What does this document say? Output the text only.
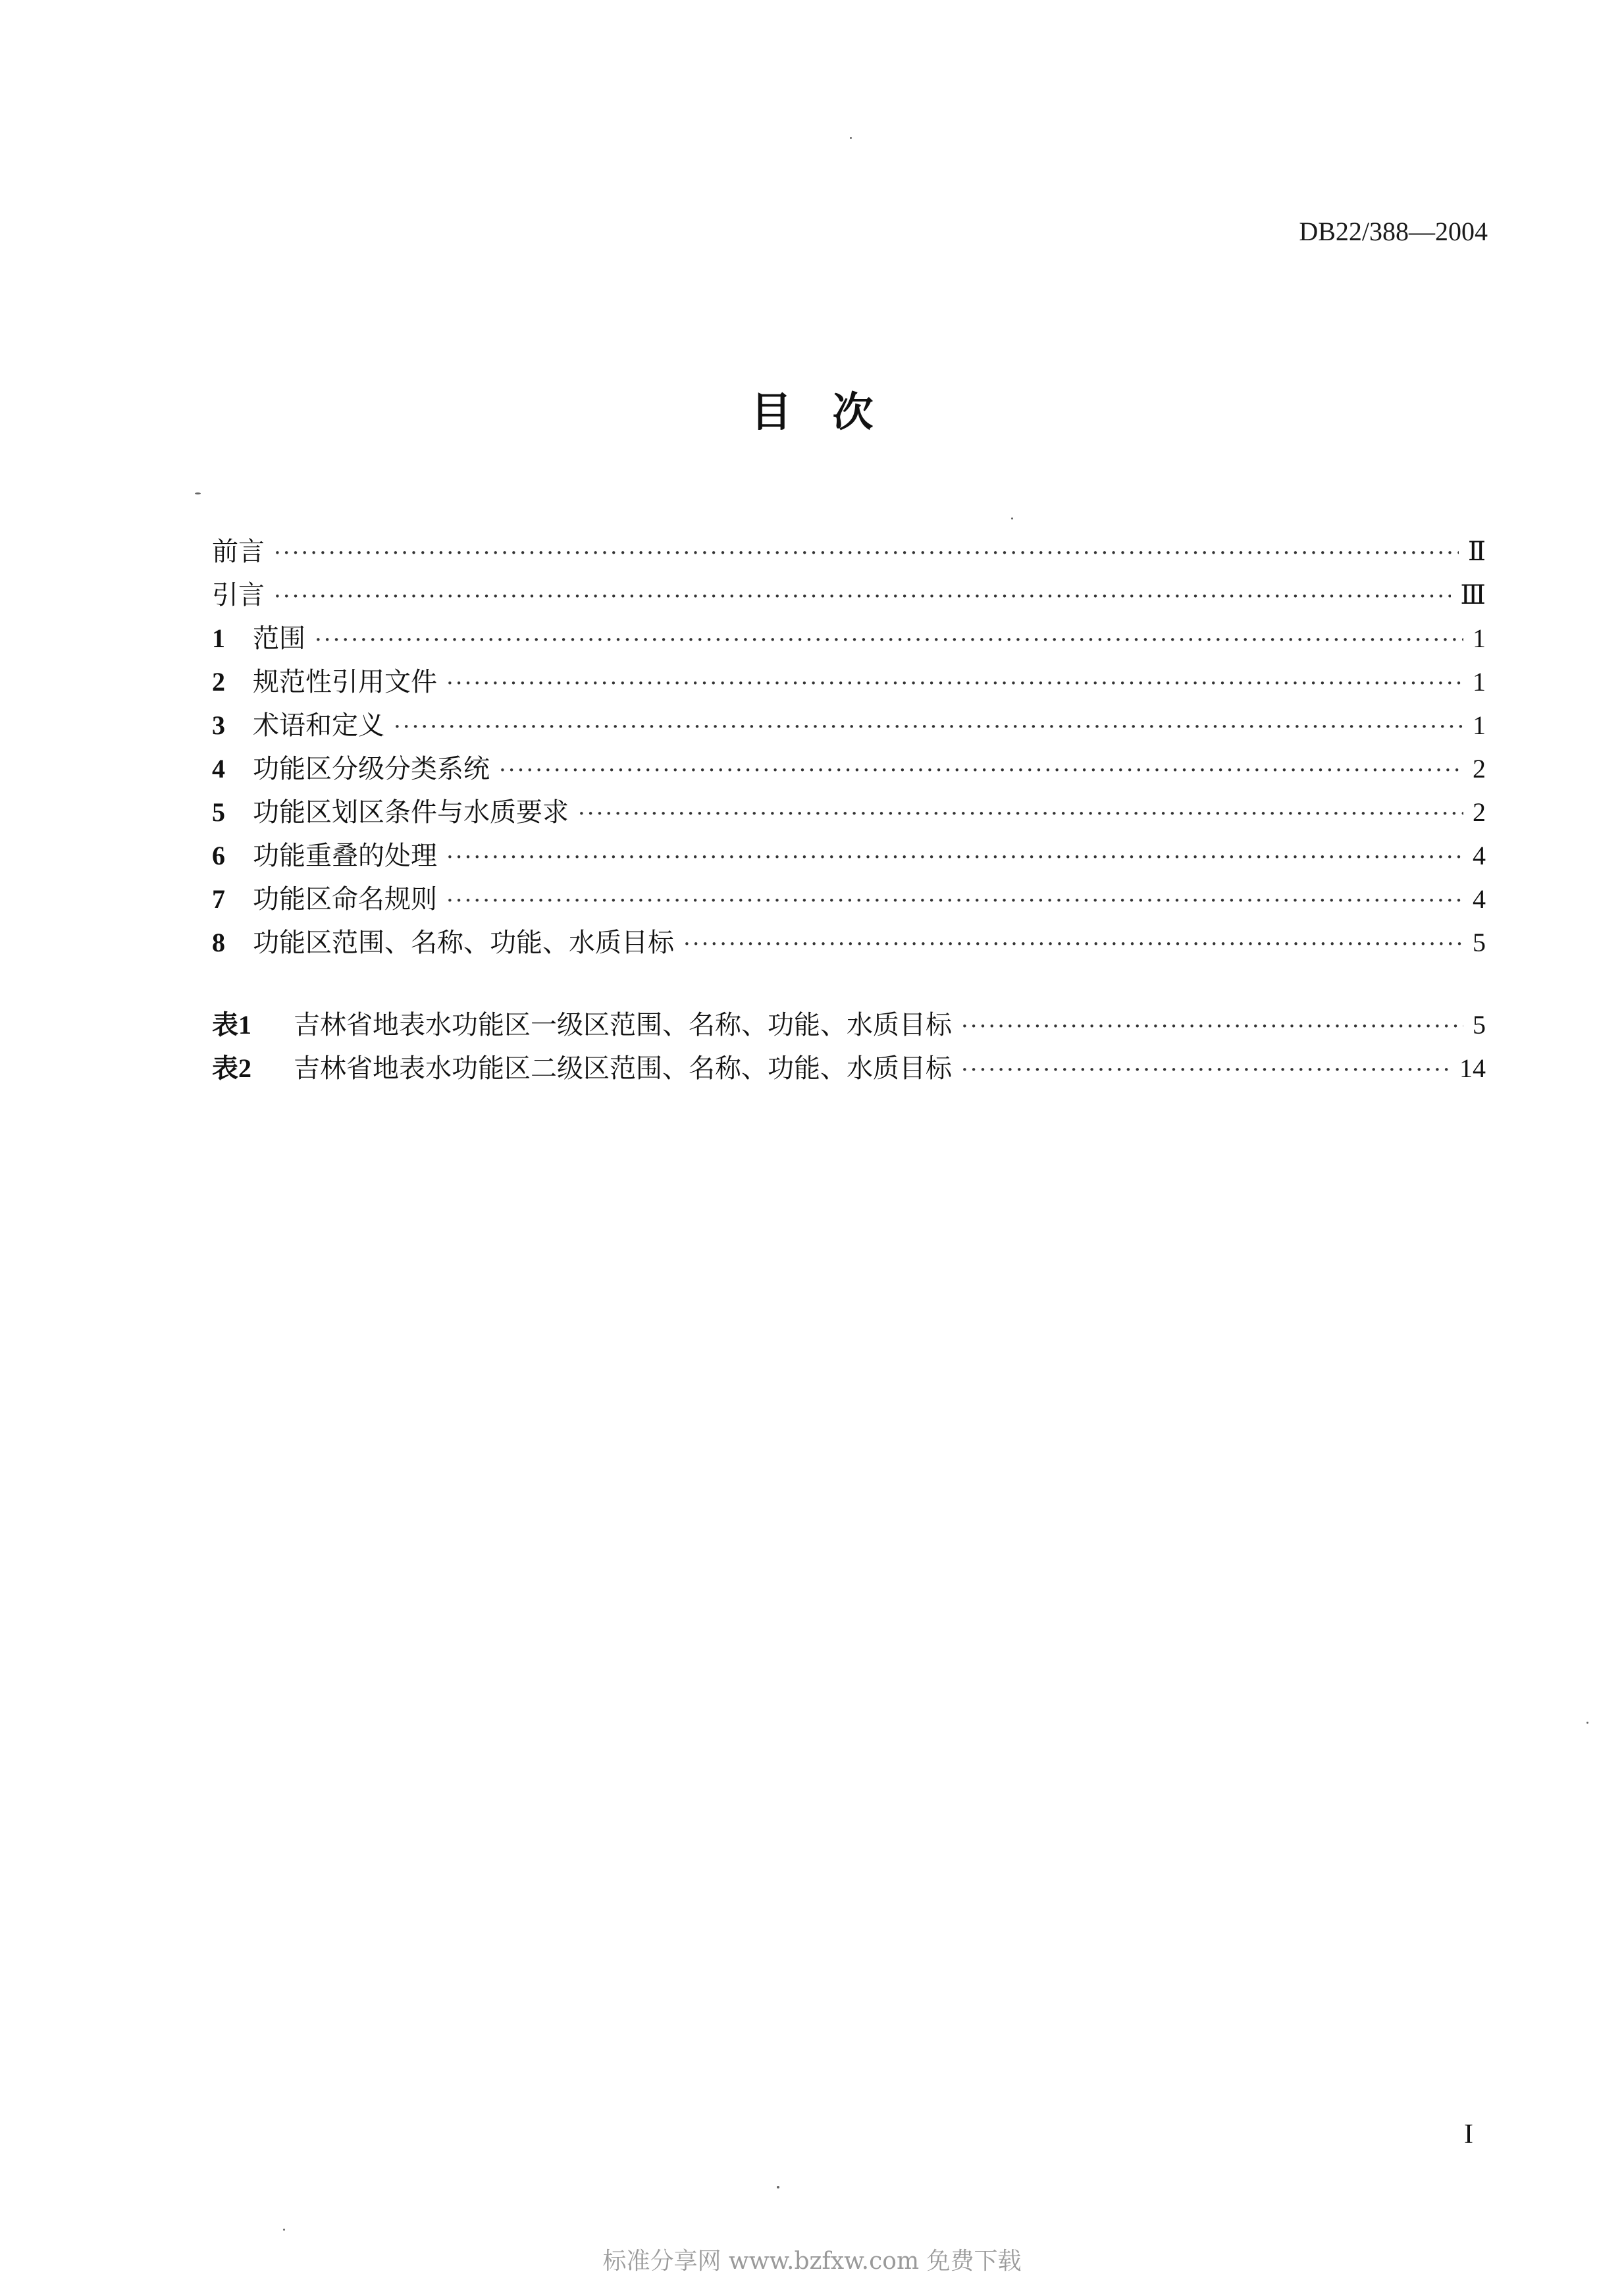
DB22/388—2004
目　次
前言 ·····	Ⅱ
引言 ·····	Ⅲ
1	范围 ·····	1
2	规范性引用文件 ·····	1
3	术语和定义 ·····	1
4	功能区分级分类系统 ·····	2
5	功能区划区条件与水质要求 ·····	2
6	功能重叠的处理 ·····	4
7	功能区命名规则 ·····	4
8	功能区范围、名称、功能、水质目标 ·····	5
表1	吉林省地表水功能区一级区范围、名称、功能、水质目标 ·····	5
表2	吉林省地表水功能区二级区范围、名称、功能、水质目标 ·····	14
I
标准分享网 www.bzfxw.com 免费下载
